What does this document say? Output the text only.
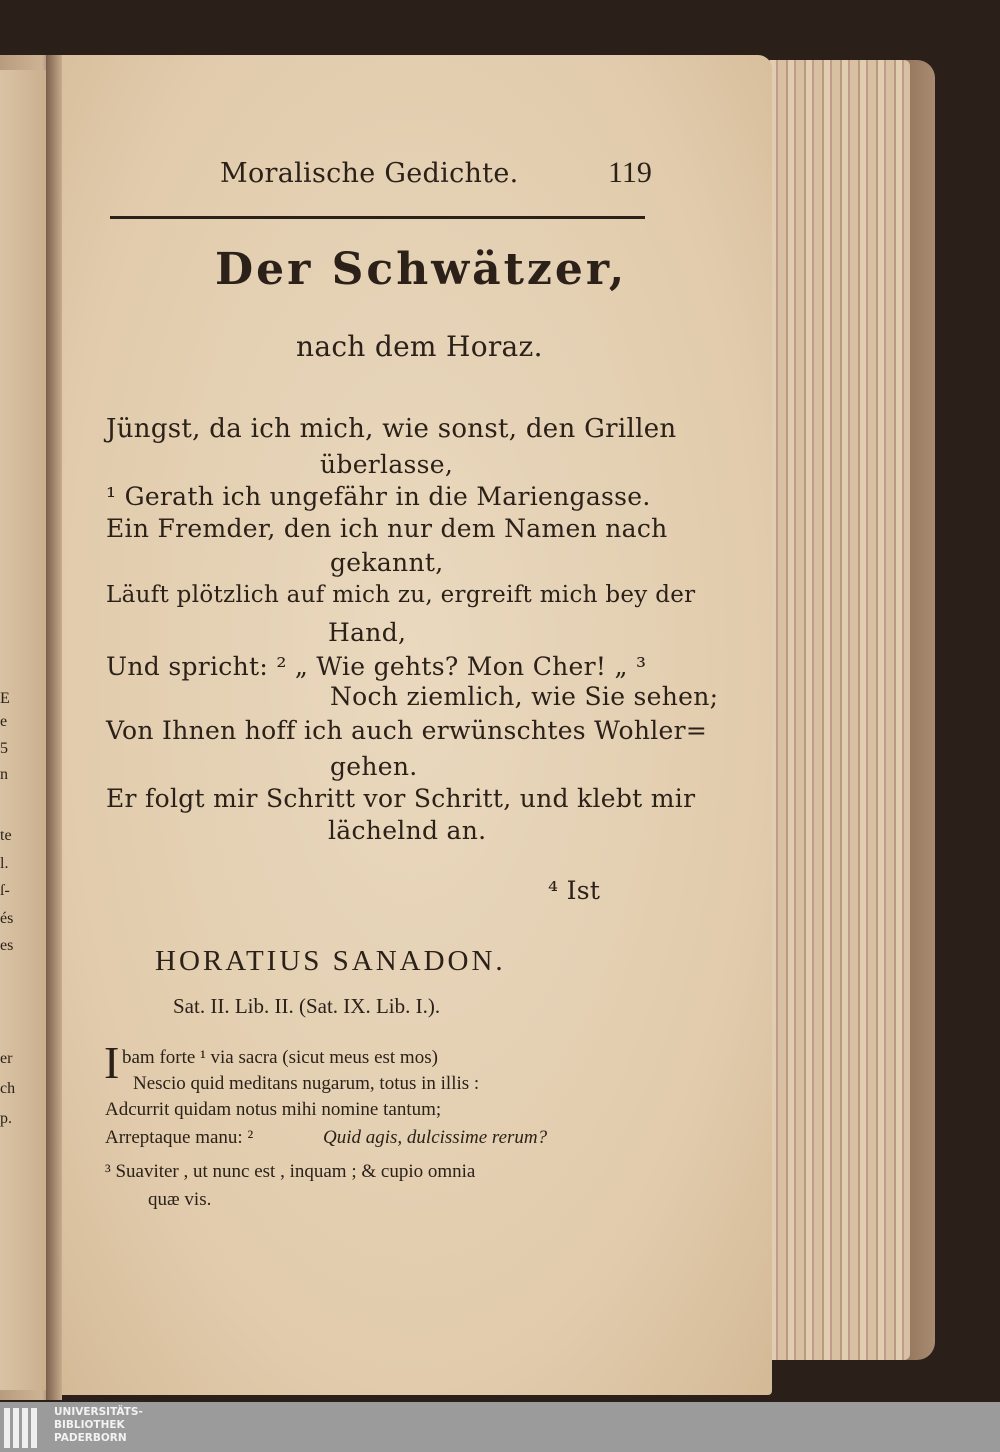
E
e
5
n
te
l.
ſ-
és
es
er
ch
p.
Moralische Gedichte.	119
Der Schwätzer,
nach dem Horaz.
Jüngst, da ich mich, wie sonst, den Grillen
überlasse,
¹ Gerath ich ungefähr in die Mariengasse.
Ein Fremder, den ich nur dem Namen nach
gekannt,
Läuft plötzlich auf mich zu, ergreift mich bey der
Hand,
Und spricht: ² „ Wie gehts? Mon Cher! „ ³
Noch ziemlich, wie Sie sehen;
Von Ihnen hoff ich auch erwünschtes Wohler=
gehen.
Er folgt mir Schritt vor Schritt, und klebt mir
lächelnd an.
⁴ Ist
HORATIUS SANADON.
Sat. II. Lib. II. (Sat. IX. Lib. I.).
I bam forte ¹ via sacra (sicut meus est mos)
Nescio quid meditans nugarum, totus in illis :
Adcurrit quidam notus mihi nomine tantum;
Arreptaque manu: ²	Quid agis, dulcissime rerum?
³ Suaviter , ut nunc est , inquam ; & cupio omnia
quæ vis.
UNIVERSITÄTS-
BIBLIOTHEK
PADERBORN
